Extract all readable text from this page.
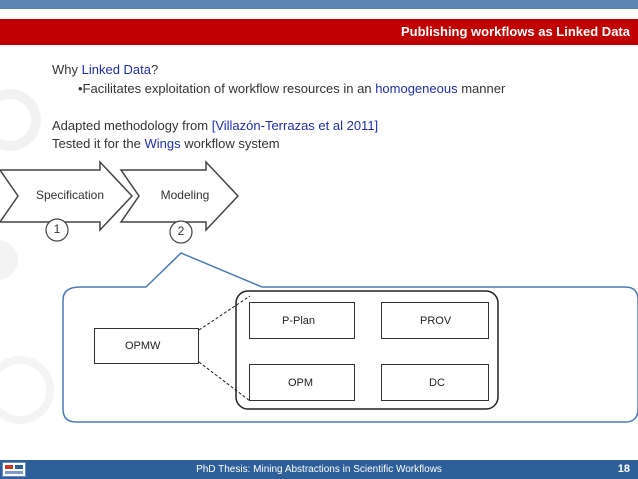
Publishing workflows as Linked Data
Why Linked Data?
•Facilitates exploitation of workflow resources in an homogeneous manner
Adapted methodology from [Villazón-Terrazas et al 2011]
Tested it for the Wings workflow system
Specification	Modeling
1	2
OPMW
P-Plan	PROV
OPM	DC
PhD Thesis: Mining Abstractions in Scientific Workflows	18
